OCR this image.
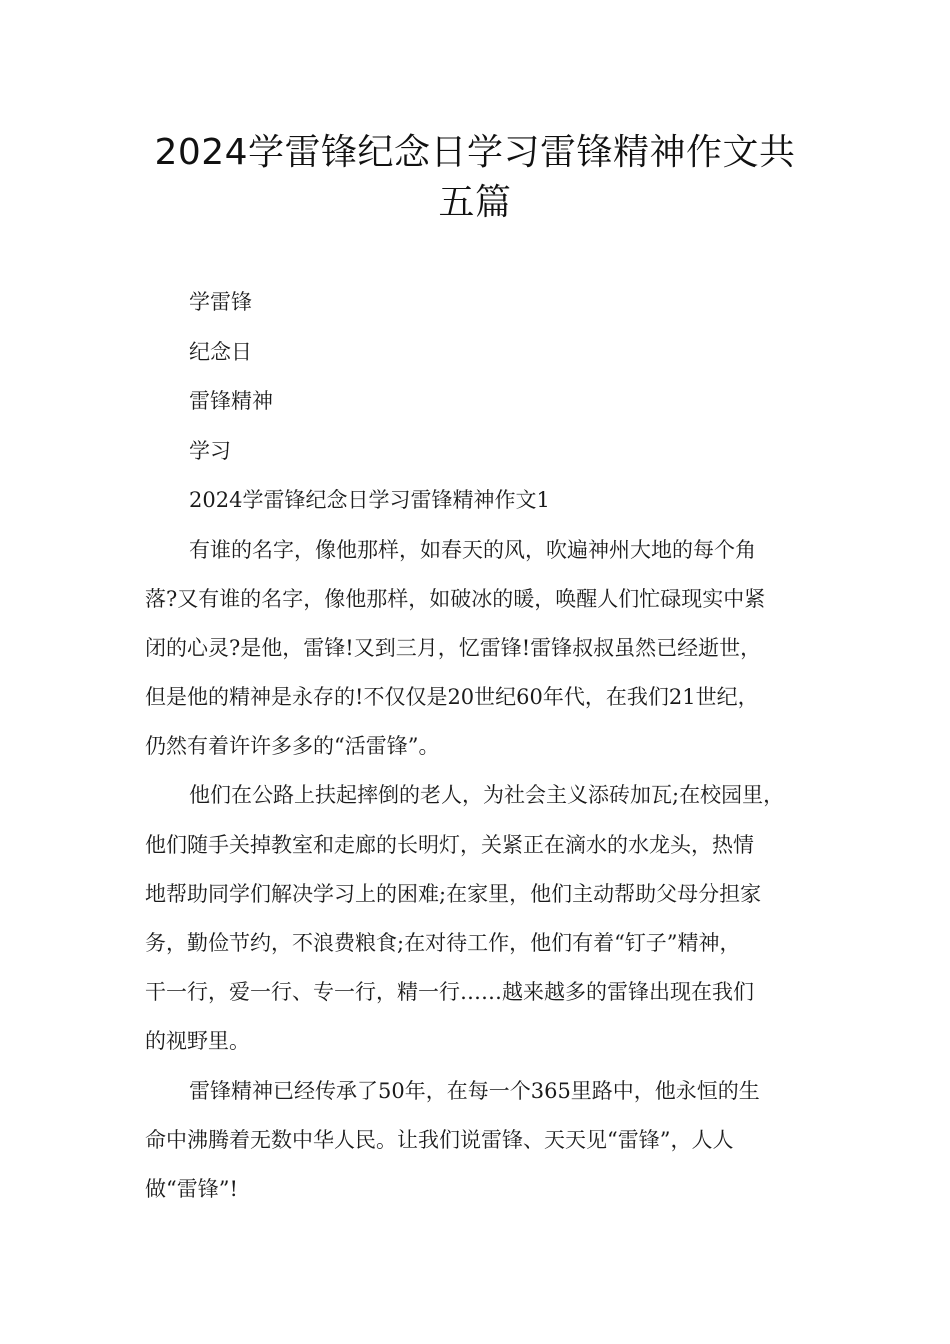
2024学雷锋纪念日学习雷锋精神作文共
五篇

学雷锋

纪念日

雷锋精神

学习

2024学雷锋纪念日学习雷锋精神作文1

有谁的名字，像他那样，如春天的风，吹遍神州大地的每个角
落?又有谁的名字，像他那样，如破冰的暖，唤醒人们忙碌现实中紧
闭的心灵?是他，雷锋!又到三月，忆雷锋!雷锋叔叔虽然已经逝世，
但是他的精神是永存的!不仅仅是20世纪60年代，在我们21世纪，
仍然有着许许多多的“活雷锋”。
他们在公路上扶起摔倒的老人，为社会主义添砖加瓦;在校园里，
他们随手关掉教室和走廊的长明灯，关紧正在滴水的水龙头，热情
地帮助同学们解决学习上的困难;在家里，他们主动帮助父母分担家
务，勤俭节约，不浪费粮食;在对待工作，他们有着“钉子”精神，
干一行，爱一行、专一行，精一行……越来越多的雷锋出现在我们
的视野里。
雷锋精神已经传承了50年，在每一个365里路中，他永恒的生
命中沸腾着无数中华人民。让我们说雷锋、天天见“雷锋”，人人
做“雷锋”!
